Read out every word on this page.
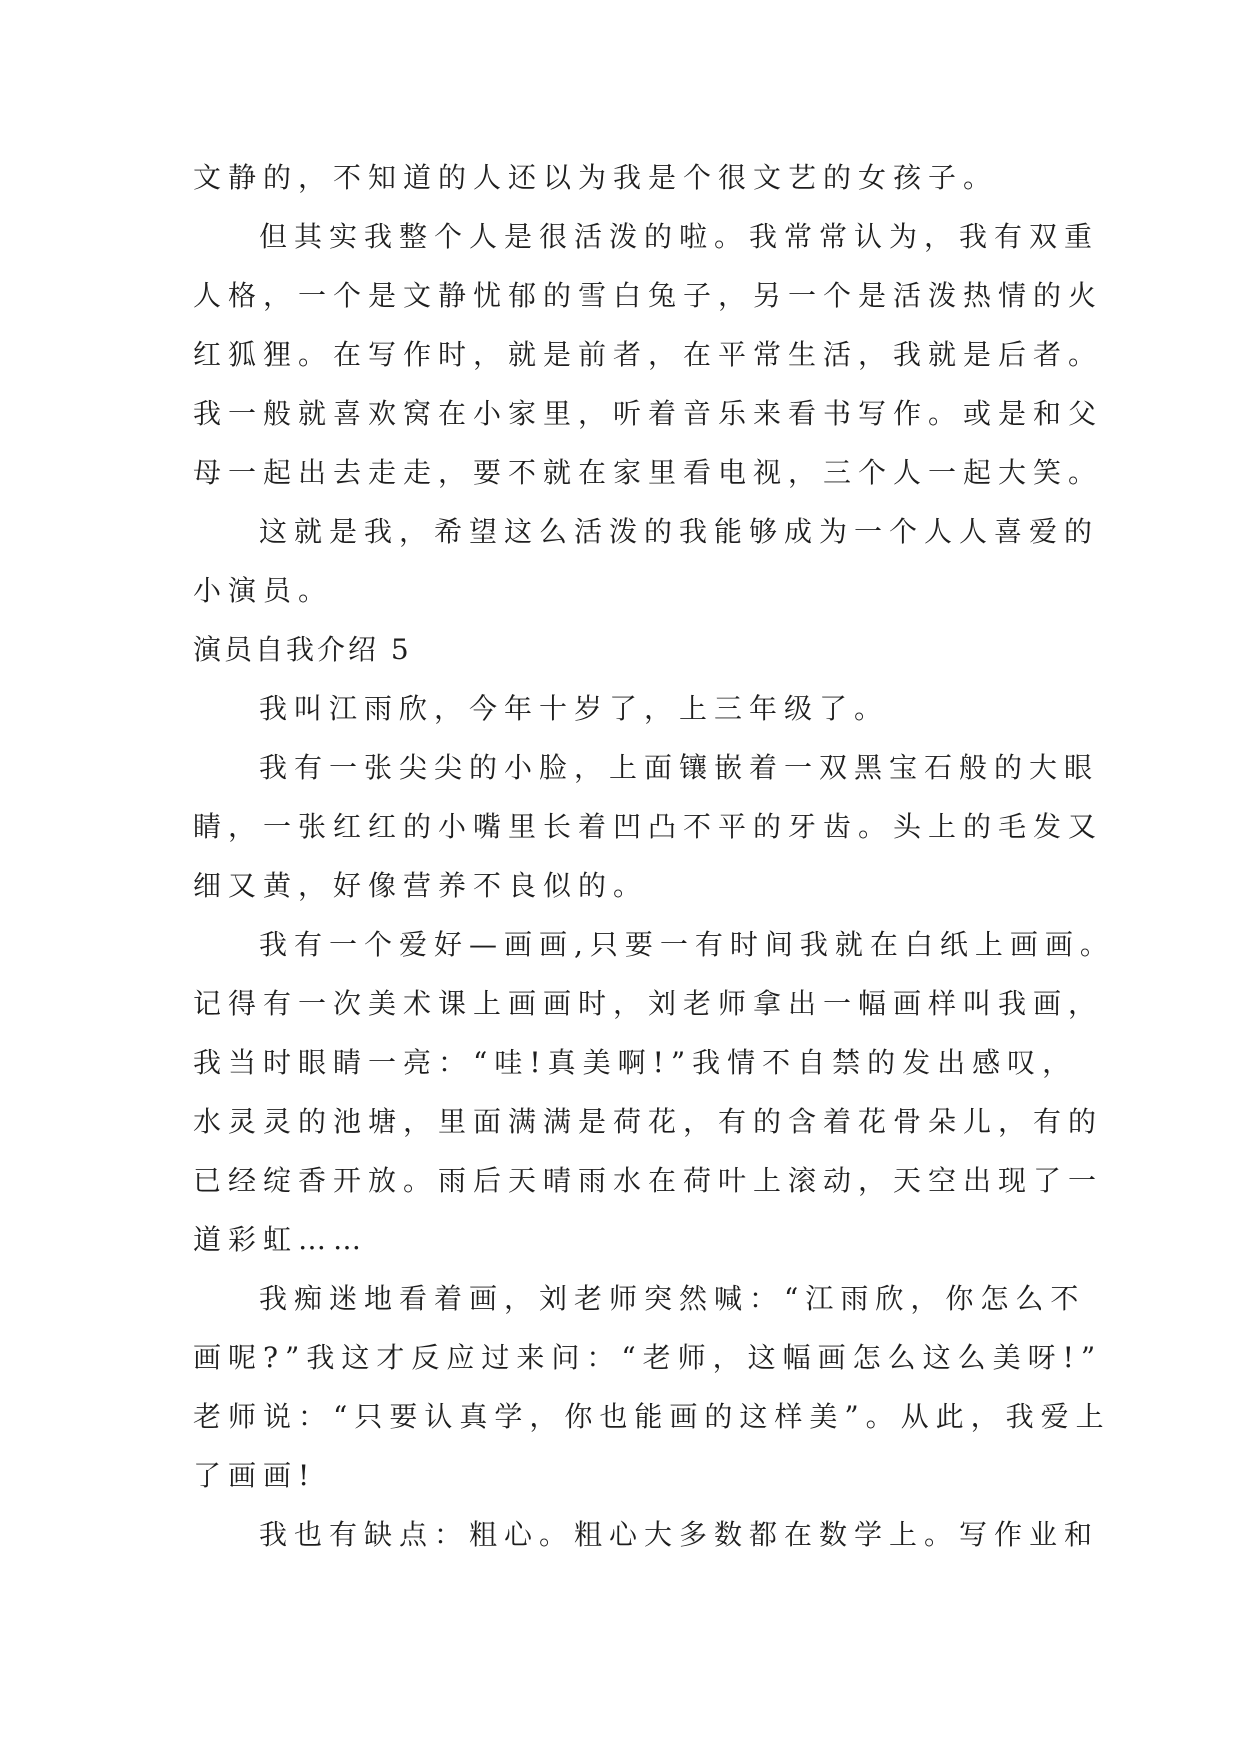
文静的，不知道的人还以为我是个很文艺的女孩子。
但其实我整个人是很活泼的啦。我常常认为，我有双重
人格，一个是文静忧郁的雪白兔子，另一个是活泼热情的火
红狐狸。在写作时，就是前者，在平常生活，我就是后者。
我一般就喜欢窝在小家里，听着音乐来看书写作。或是和父
母一起出去走走，要不就在家里看电视，三个人一起大笑。
这就是我，希望这么活泼的我能够成为一个人人喜爱的
小演员。
演员自我介绍 5
我叫江雨欣，今年十岁了，上三年级了。
我有一张尖尖的小脸，上面镶嵌着一双黑宝石般的大眼
睛，一张红红的小嘴里长着凹凸不平的牙齿。头上的毛发又
细又黄，好像营养不良似的。
我有一个爱好—画画,只要一有时间我就在白纸上画画。
记得有一次美术课上画画时，刘老师拿出一幅画样叫我画，
我当时眼睛一亮：“哇!真美啊!”我情不自禁的发出感叹，
水灵灵的池塘，里面满满是荷花，有的含着花骨朵儿，有的
已经绽香开放。雨后天晴雨水在荷叶上滚动，天空出现了一
道彩虹……
我痴迷地看着画，刘老师突然喊：“江雨欣，你怎么不
画呢?”我这才反应过来问：“老师，这幅画怎么这么美呀!”
老师说：“只要认真学，你也能画的这样美”。从此，我爱上
了画画!
我也有缺点：粗心。粗心大多数都在数学上。写作业和
